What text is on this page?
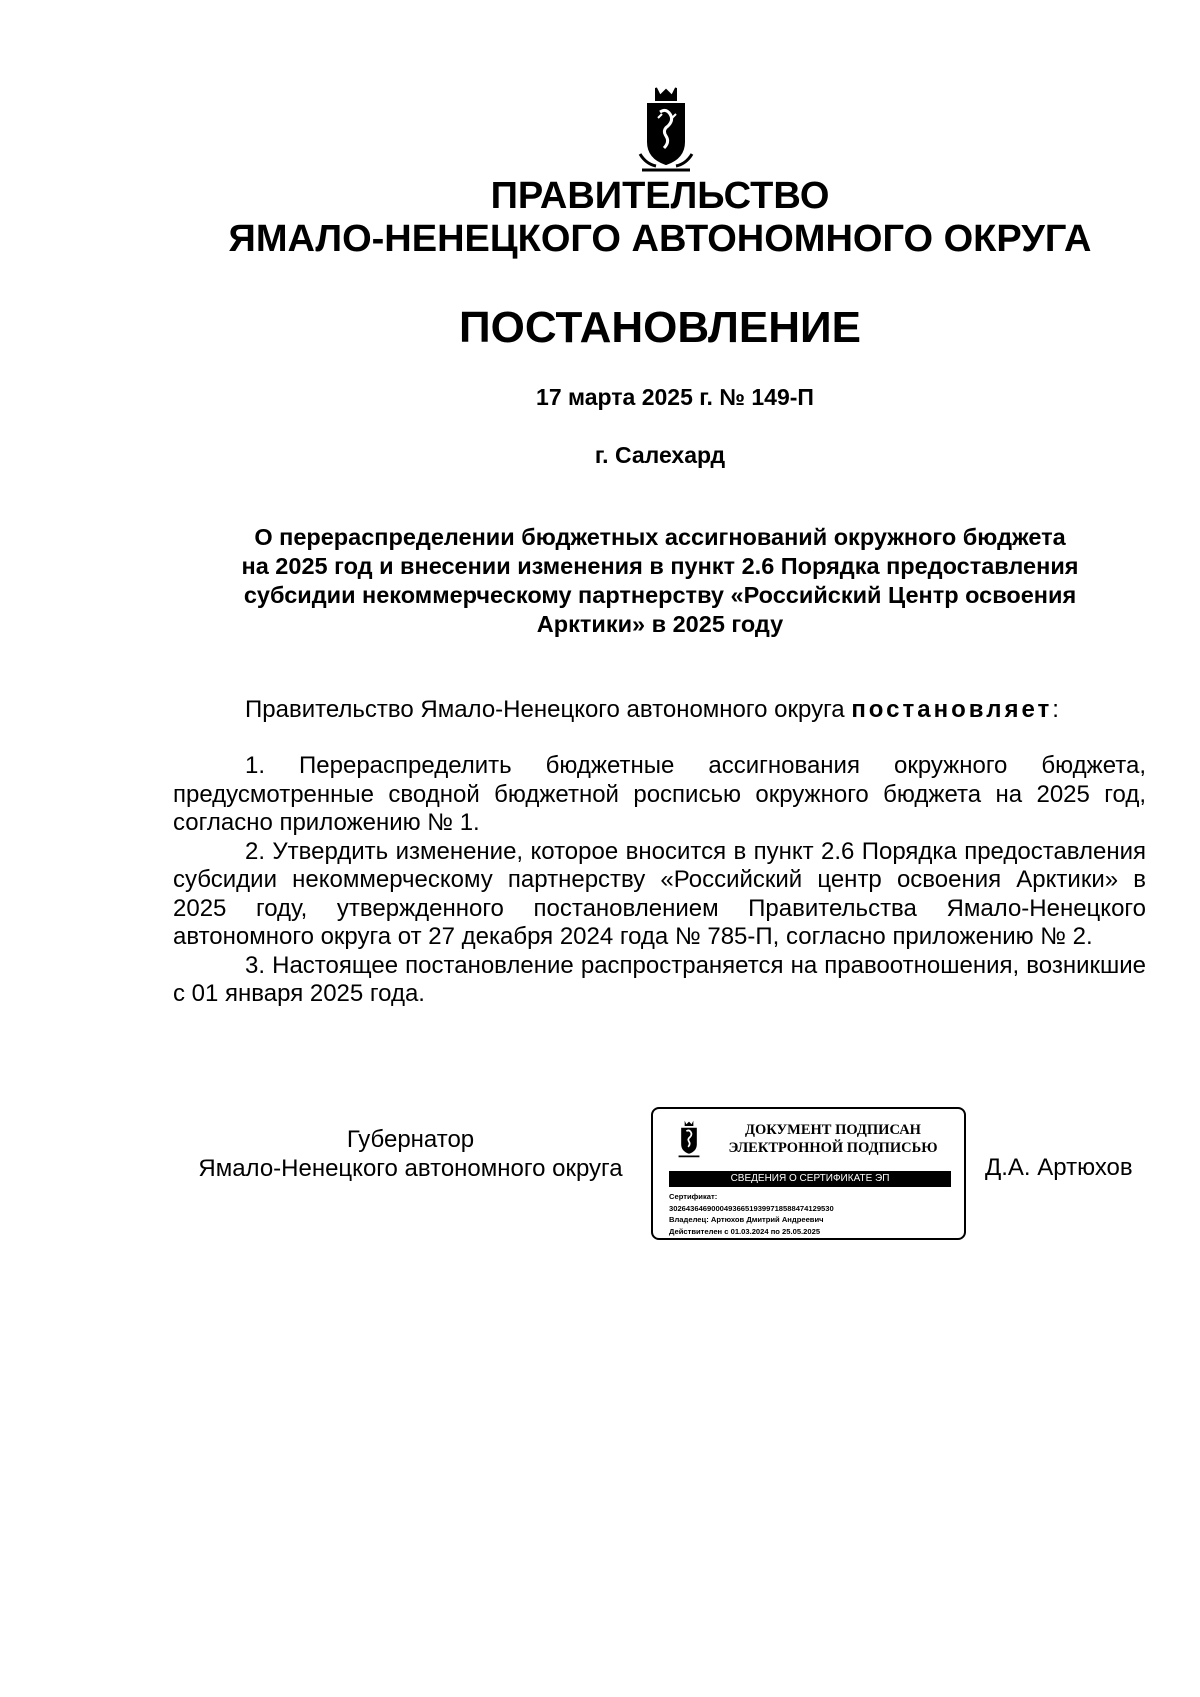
ПРАВИТЕЛЬСТВО
ЯМАЛО-НЕНЕЦКОГО АВТОНОМНОГО ОКРУГА
ПОСТАНОВЛЕНИЕ
17 марта 2025 г. № 149-П
г. Салехард
О перераспределении бюджетных ассигнований окружного бюджета
на 2025 год и внесении изменения в пункт 2.6 Порядка предоставления
субсидии некоммерческому партнерству «Российский Центр освоения
Арктики» в 2025 году
Правительство Ямало-Ненецкого автономного округа постановляет:

1. Перераспределить бюджетные ассигнования окружного бюджета, предусмотренные сводной бюджетной росписью окружного бюджета на 2025 год, согласно приложению № 1.

2. Утвердить изменение, которое вносится в пункт 2.6 Порядка предоставления субсидии некоммерческому партнерству «Российский центр освоения Арктики» в 2025 году, утвержденного постановлением Правительства Ямало-Ненецкого автономного округа от 27 декабря 2024 года № 785-П, согласно приложению № 2.

3. Настоящее постановление распространяется на правоотношения, возникшие с 01 января 2025 года.

Губернатор
Ямало-Ненецкого автономного округа
ДОКУМЕНТ ПОДПИСАН
ЭЛЕКТРОННОЙ ПОДПИСЬЮ
СВЕДЕНИЯ О СЕРТИФИКАТЕ ЭП
Сертификат:
302643646900049366519399718588474129530
Владелец: Артюхов Дмитрий Андреевич
Действителен с 01.03.2024 по 25.05.2025
Д.А. Артюхов
